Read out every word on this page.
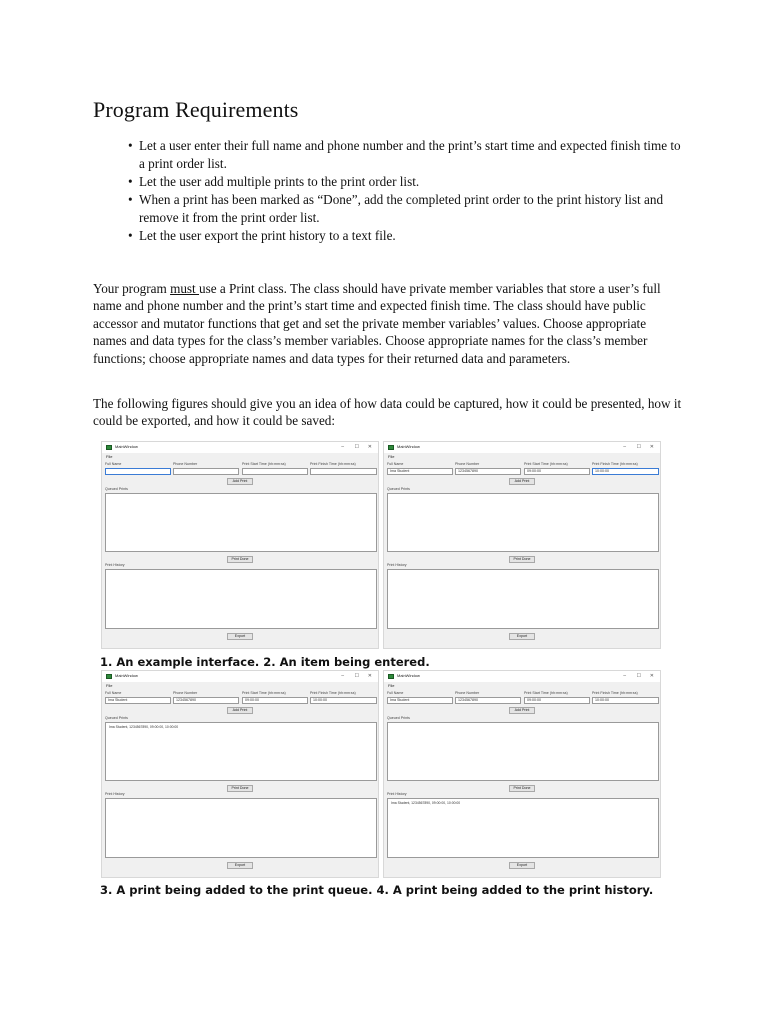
Program Requirements
• Let a user enter their full name and phone number and the print’s start time and expected finish time to a print order list.
• Let the user add multiple prints to the print order list.
• When a print has been marked as “Done”, add the completed print order to the print history list and remove it from the print order list.
• Let the user export the print history to a text file.

Your program must use a Print class. The class should have private member variables that store a user’s full name and phone number and the print’s start time and expected finish time. The class should have public accessor and mutator functions that get and set the private member variables’ values. Choose appropriate names and data types for the class’s member variables. Choose appropriate names for the class’s member functions; choose appropriate names and data types for their returned data and parameters.

The following figures should give you an idea of how data could be captured, how it could be presented, how it could be exported, and how it could be saved:

MainWindow	– ☐ ✕
File
Full Name	Phone Number	Print Start Time (hh:mm:ss)	Print Finish Time (hh:mm:ss)
Add Print
Queued Prints
Print Done
Print History
Export
MainWindow	– ☐ ✕
File
Full Name	Phone Number	Print Start Time (hh:mm:ss)	Print Finish Time (hh:mm:ss)
Ima Student	1234567890	09:00:00	10:00:00
Add Print
Queued Prints
Print Done
Print History
Export
MainWindow	– ☐ ✕
File
Full Name	Phone Number	Print Start Time (hh:mm:ss)	Print Finish Time (hh:mm:ss)
Ima Student	1234567890	09:00:00	10:00:00
Add Print
Queued Prints
Ima Student, 1234567890, 09:00:00, 10:00:00
Print Done
Print History
Export
MainWindow	– ☐ ✕
File
Full Name	Phone Number	Print Start Time (hh:mm:ss)	Print Finish Time (hh:mm:ss)
Ima Student	1234567890	09:00:00	10:00:00
Add Print
Queued Prints
Print Done
Print History
Ima Student, 1234567890, 09:00:00, 10:00:00
Export

1. An example interface. 2. An item being entered.

3. A print being added to the print queue. 4. A print being added to the print history.
